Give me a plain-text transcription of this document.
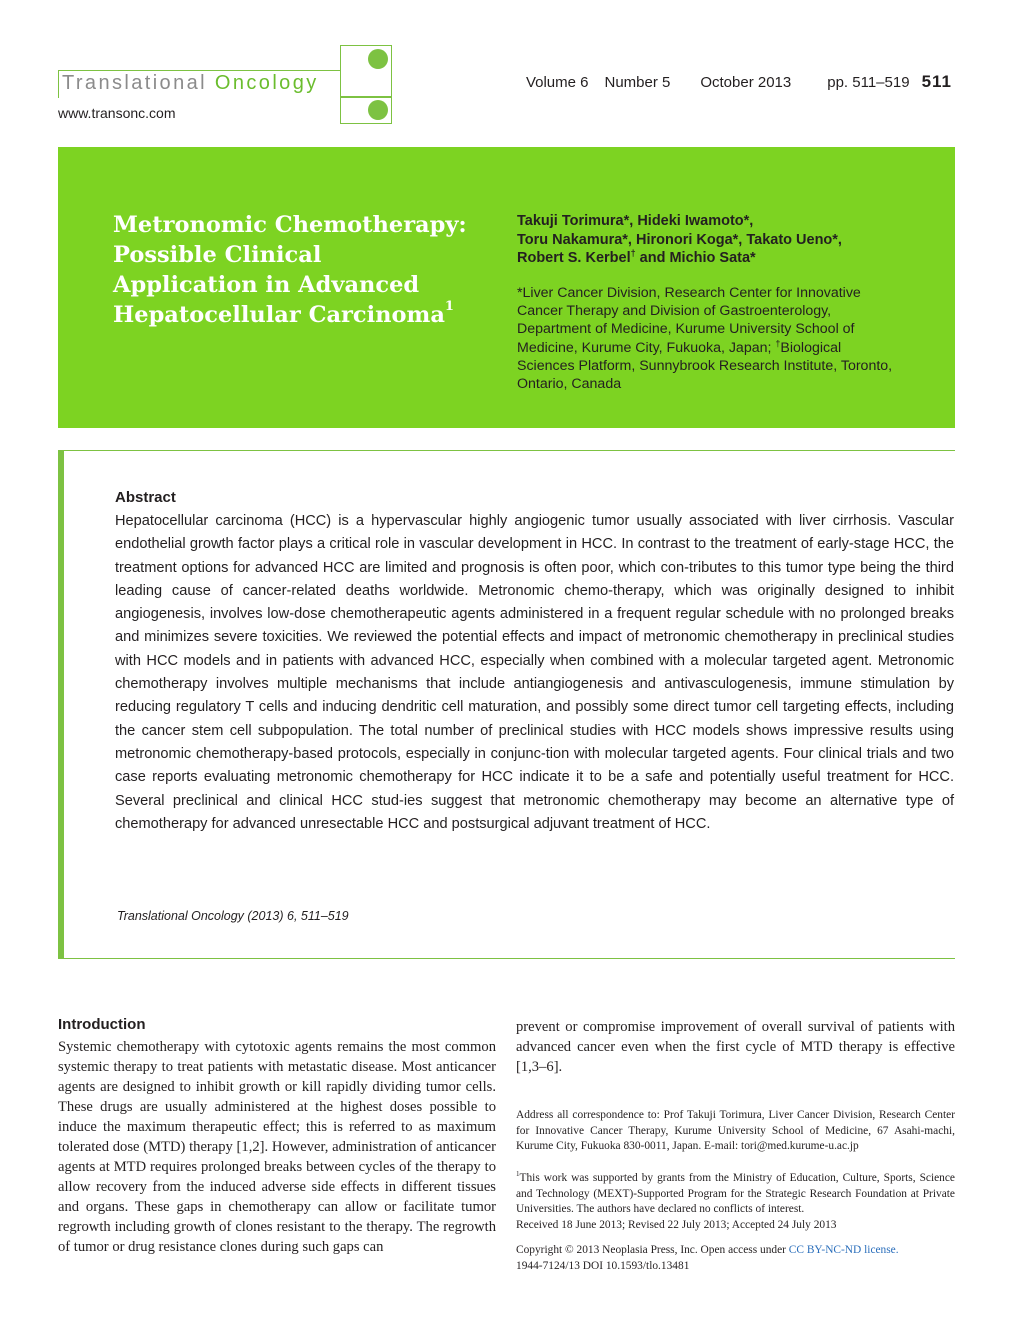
Translational Oncology
www.transonc.com
Volume 6 Number 5 October 2013 pp. 511–519 511
Metronomic Chemotherapy: Possible Clinical Application in Advanced Hepatocellular Carcinoma$^1$
Takuji Torimura*, Hideki Iwamoto*,
Toru Nakamura*, Hironori Koga*, Takato Ueno*,
Robert S. Kerbel† and Michio Sata*
*Liver Cancer Division, Research Center for Innovative Cancer Therapy and Division of Gastroenterology, Department of Medicine, Kurume University School of Medicine, Kurume City, Fukuoka, Japan; †Biological Sciences Platform, Sunnybrook Research Institute, Toronto, Ontario, Canada
Abstract
Hepatocellular carcinoma (HCC) is a hypervascular highly angiogenic tumor usually associated with liver cirrhosis. Vascular endothelial growth factor plays a critical role in vascular development in HCC. In contrast to the treatment of early-stage HCC, the treatment options for advanced HCC are limited and prognosis is often poor, which con-tributes to this tumor type being the third leading cause of cancer-related deaths worldwide. Metronomic chemo-therapy, which was originally designed to inhibit angiogenesis, involves low-dose chemotherapeutic agents administered in a frequent regular schedule with no prolonged breaks and minimizes severe toxicities. We reviewed the potential effects and impact of metronomic chemotherapy in preclinical studies with HCC models and in patients with advanced HCC, especially when combined with a molecular targeted agent. Metronomic chemotherapy involves multiple mechanisms that include antiangiogenesis and antivasculogenesis, immune stimulation by reducing regulatory T cells and inducing dendritic cell maturation, and possibly some direct tumor cell targeting effects, including the cancer stem cell subpopulation. The total number of preclinical studies with HCC models shows impressive results using metronomic chemotherapy-based protocols, especially in conjunc-tion with molecular targeted agents. Four clinical trials and two case reports evaluating metronomic chemotherapy for HCC indicate it to be a safe and potentially useful treatment for HCC. Several preclinical and clinical HCC stud-ies suggest that metronomic chemotherapy may become an alternative type of chemotherapy for advanced unresectable HCC and postsurgical adjuvant treatment of HCC.
Translational Oncology (2013) 6, 511–519
Introduction
Systemic chemotherapy with cytotoxic agents remains the most common systemic therapy to treat patients with metastatic disease. Most anticancer agents are designed to inhibit growth or kill rapidly dividing tumor cells. These drugs are usually administered at the highest doses possible to induce the maximum therapeutic effect; this is referred to as maximum tolerated dose (MTD) therapy [1,2]. However, administration of anticancer agents at MTD requires prolonged breaks between cycles of the therapy to allow recovery from the induced adverse side effects in different tissues and organs. These gaps in chemotherapy can allow or facilitate tumor regrowth including growth of clones resistant to the therapy. The regrowth of tumor or drug resistance clones during such gaps can
prevent or compromise improvement of overall survival of patients with advanced cancer even when the first cycle of MTD therapy is effective [1,3–6].
Address all correspondence to: Prof Takuji Torimura, Liver Cancer Division, Research Center for Innovative Cancer Therapy, Kurume University School of Medicine, 67 Asahi-machi, Kurume City, Fukuoka 830-0011, Japan. E-mail: tori@med.kurume-u.ac.jp
$^1$This work was supported by grants from the Ministry of Education, Culture, Sports, Science and Technology (MEXT)-Supported Program for the Strategic Research Foundation at Private Universities. The authors have declared no conflicts of interest.
Received 18 June 2013; Revised 22 July 2013; Accepted 24 July 2013
Copyright © 2013 Neoplasia Press, Inc. Open access under CC BY-NC-ND license.
1944-7124/13 DOI 10.1593/tlo.13481
